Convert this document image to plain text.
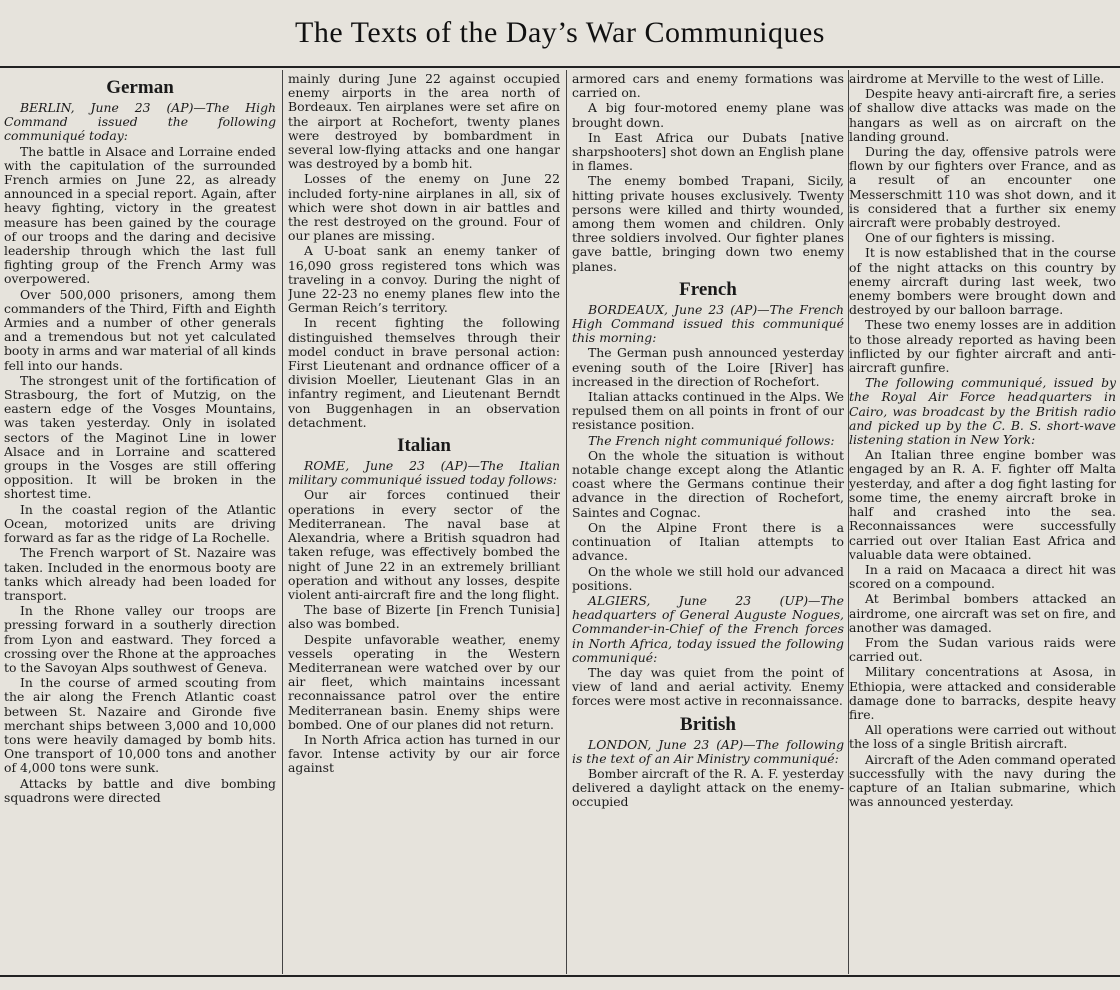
The Texts of the Day’s War Communiques
German

BERLIN, June 23 (AP)—The High Command issued the following communiqué today:

The battle in Alsace and Lorraine ended with the capitulation of the surrounded French armies on June 22, as already announced in a special report. Again, after heavy fighting, victory in the greatest measure has been gained by the courage of our troops and the daring and decisive leadership through which the last full fighting group of the French Army was overpowered.

Over 500,000 prisoners, among them commanders of the Third, Fifth and Eighth Armies and a number of other generals and a tremendous but not yet calculated booty in arms and war material of all kinds fell into our hands.

The strongest unit of the fortification of Strasbourg, the fort of Mutzig, on the eastern edge of the Vosges Mountains, was taken yesterday. Only in isolated sectors of the Maginot Line in lower Alsace and in Lorraine and scattered groups in the Vosges are still offering opposition. It will be broken in the shortest time.

In the coastal region of the Atlantic Ocean, motorized units are driving forward as far as the ridge of La Rochelle.

The French warport of St. Nazaire was taken. Included in the enormous booty are tanks which already had been loaded for transport.

In the Rhone valley our troops are pressing forward in a southerly direction from Lyon and eastward. They forced a crossing over the Rhone at the approaches to the Savoyan Alps southwest of Geneva.

In the course of armed scouting from the air along the French Atlantic coast between St. Nazaire and Gironde five merchant ships between 3,000 and 10,000 tons were heavily damaged by bomb hits. One transport of 10,000 tons and another of 4,000 tons were sunk.

Attacks by battle and dive bombing squadrons were directed

mainly during June 22 against occupied enemy airports in the area north of Bordeaux. Ten airplanes were set afire on the airport at Rochefort, twenty planes were destroyed by bombardment in several low-flying attacks and one hangar was destroyed by a bomb hit.

Losses of the enemy on June 22 included forty-nine airplanes in all, six of which were shot down in air battles and the rest destroyed on the ground. Four of our planes are missing.

A U-boat sank an enemy tanker of 16,090 gross registered tons which was traveling in a convoy. During the night of June 22-23 no enemy planes flew into the German Reich’s territory.

In recent fighting the following distinguished themselves through their model conduct in brave personal action: First Lieutenant and ordnance officer of a division Moeller, Lieutenant Glas in an infantry regiment, and Lieutenant Berndt von Buggenhagen in an observation detachment.

Italian

ROME, June 23 (AP)—The Italian military communiqué issued today follows:

Our air forces continued their operations in every sector of the Mediterranean. The naval base at Alexandria, where a British squadron had taken refuge, was effectively bombed the night of June 22 in an extremely brilliant operation and without any losses, despite violent anti-aircraft fire and the long flight.

The base of Bizerte [in French Tunisia] also was bombed.

Despite unfavorable weather, enemy vessels operating in the Western Mediterranean were watched over by our air fleet, which maintains incessant reconnaissance patrol over the entire Mediterranean basin. Enemy ships were bombed. One of our planes did not return.

In North Africa action has turned in our favor. Intense activity by our air force against

armored cars and enemy formations was carried on.

A big four-motored enemy plane was brought down.

In East Africa our Dubats [native sharpshooters] shot down an English plane in flames.

The enemy bombed Trapani, Sicily, hitting private houses exclusively. Twenty persons were killed and thirty wounded, among them women and children. Only three soldiers involved. Our fighter planes gave battle, bringing down two enemy planes.

French

BORDEAUX, June 23 (AP)—The French High Command issued this communiqué this morning:

The German push announced yesterday evening south of the Loire [River] has increased in the direction of Rochefort.

Italian attacks continued in the Alps. We repulsed them on all points in front of our resistance position.

The French night communiqué follows:

On the whole the situation is without notable change except along the Atlantic coast where the Germans continue their advance in the direction of Rochefort, Saintes and Cognac.

On the Alpine Front there is a continuation of Italian attempts to advance.

On the whole we still hold our advanced positions.

ALGIERS, June 23 (UP)—The headquarters of General Auguste Nogues, Commander-in-Chief of the French forces in North Africa, today issued the following communiqué:

The day was quiet from the point of view of land and aerial activity. Enemy forces were most active in reconnaissance.

British

LONDON, June 23 (AP)—The following is the text of an Air Ministry communiqué:

Bomber aircraft of the R. A. F. yesterday delivered a daylight attack on the enemy-occupied

airdrome at Merville to the west of Lille.

Despite heavy anti-aircraft fire, a series of shallow dive attacks was made on the hangars as well as on aircraft on the landing ground.

During the day, offensive patrols were flown by our fighters over France, and as a result of an encounter one Messerschmitt 110 was shot down, and it is considered that a further six enemy aircraft were probably destroyed.

One of our fighters is missing.

It is now established that in the course of the night attacks on this country by enemy aircraft during last week, two enemy bombers were brought down and destroyed by our balloon barrage.

These two enemy losses are in addition to those already reported as having been inflicted by our fighter aircraft and anti-aircraft gunfire.

The following communiqué, issued by the Royal Air Force headquarters in Cairo, was broadcast by the British radio and picked up by the C. B. S. short-wave listening station in New York:

An Italian three engine bomber was engaged by an R. A. F. fighter off Malta yesterday, and after a dog fight lasting for some time, the enemy aircraft broke in half and crashed into the sea. Reconnaissances were successfully carried out over Italian East Africa and valuable data were obtained.

In a raid on Macaaca a direct hit was scored on a compound.

At Berimbal bombers attacked an airdrome, one aircraft was set on fire, and another was damaged.

From the Sudan various raids were carried out.

Military concentrations at Asosa, in Ethiopia, were attacked and considerable damage done to barracks, despite heavy fire.

All operations were carried out without the loss of a single British aircraft.

Aircraft of the Aden command operated successfully with the navy during the capture of an Italian submarine, which was announced yesterday.
